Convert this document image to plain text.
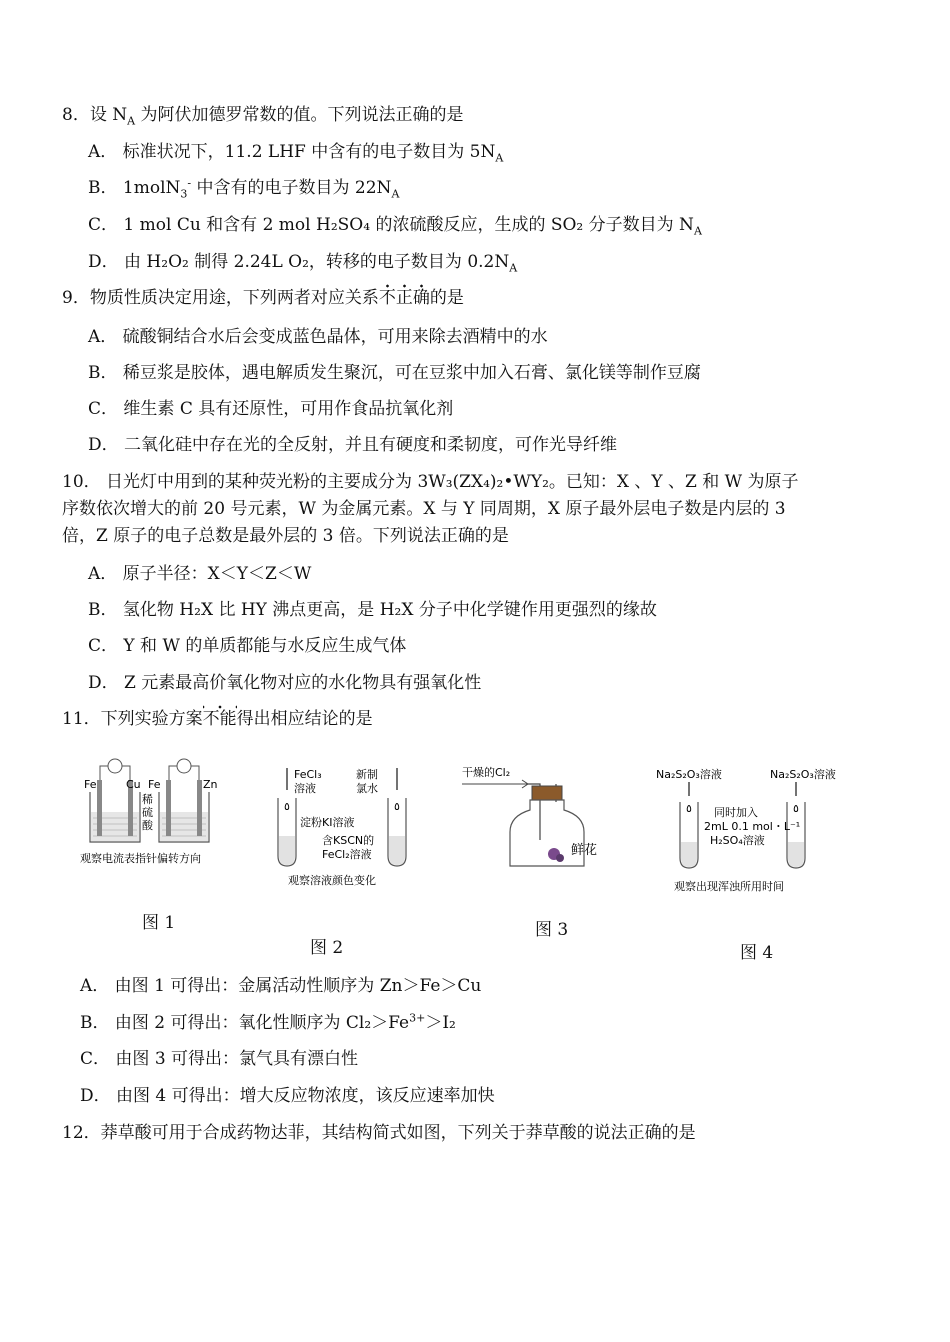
8．设 $N_A$ 为阿伏加德罗常数的值。下列说法正确的是
A． 标准状况下，11.2 LHF 中含有的电子数目为 $5N_A$
B． 1molN$_3$- 中含有的电子数目为 $22N_A$
C． 1 mol Cu 和含有 2 mol H₂SO₄ 的浓硫酸反应，生成的 SO₂ 分子数目为 $N_A$
D． 由 H₂O₂ 制得 2.24L O₂，转移的电子数目为 $0.2N_A$
9．物质性质决定用途，下列两者对应关系不正确的是
A． 硫酸铜结合水后会变成蓝色晶体，可用来除去酒精中的水
B． 稀豆浆是胶体，遇电解质发生聚沉，可在豆浆中加入石膏、氯化镁等制作豆腐
C． 维生素 C 具有还原性，可用作食品抗氧化剂
D． 二氧化硅中存在光的全反射，并且有硬度和柔韧度，可作光导纤维
10． 日光灯中用到的某种荧光粉的主要成分为 3W₃(ZX₄)₂•WY₂。已知：X 、Y 、Z 和 W 为原子
序数依次增大的前 20 号元素，W 为金属元素。X 与 Y 同周期，X 原子最外层电子数是内层的 3
倍，Z 原子的电子总数是最外层的 3 倍。下列说法正确的是
A． 原子半径：X＜Y＜Z＜W
B． 氢化物 H₂X 比 HY 沸点更高，是 H₂X 分子中化学键作用更强烈的缘故
C． Y 和 W 的单质都能与水反应生成气体
D． Z 元素最高价氧化物对应的水化物具有强氧化性
11．下列实验方案不能得出相应结论的是
Fe	Cu Fe	Zn
稀
硫
酸
观察电流表指针偏转方向
图 1
FeCl₃
溶液
新制
氯水
٥	٥
淀粉KI溶液
含KSCN的
FeCl₂溶液
观察溶液颜色变化
图 2
干燥的Cl₂
鲜花
图 3
Na₂S₂O₃溶液	Na₂S₂O₃溶液
٥	٥
同时加入
2mL 0.1 mol・L⁻¹
H₂SO₄溶液
观察出现浑浊所用时间
图 4
A． 由图 1 可得出：金属活动性顺序为 Zn＞Fe＞Cu
B． 由图 2 可得出：氧化性顺序为 $Cl_2>Fe^{3+}>I_2$
C． 由图 3 可得出：氯气具有漂白性
D． 由图 4 可得出：增大反应物浓度，该反应速率加快
12．莽草酸可用于合成药物达菲，其结构简式如图，下列关于莽草酸的说法正确的是
